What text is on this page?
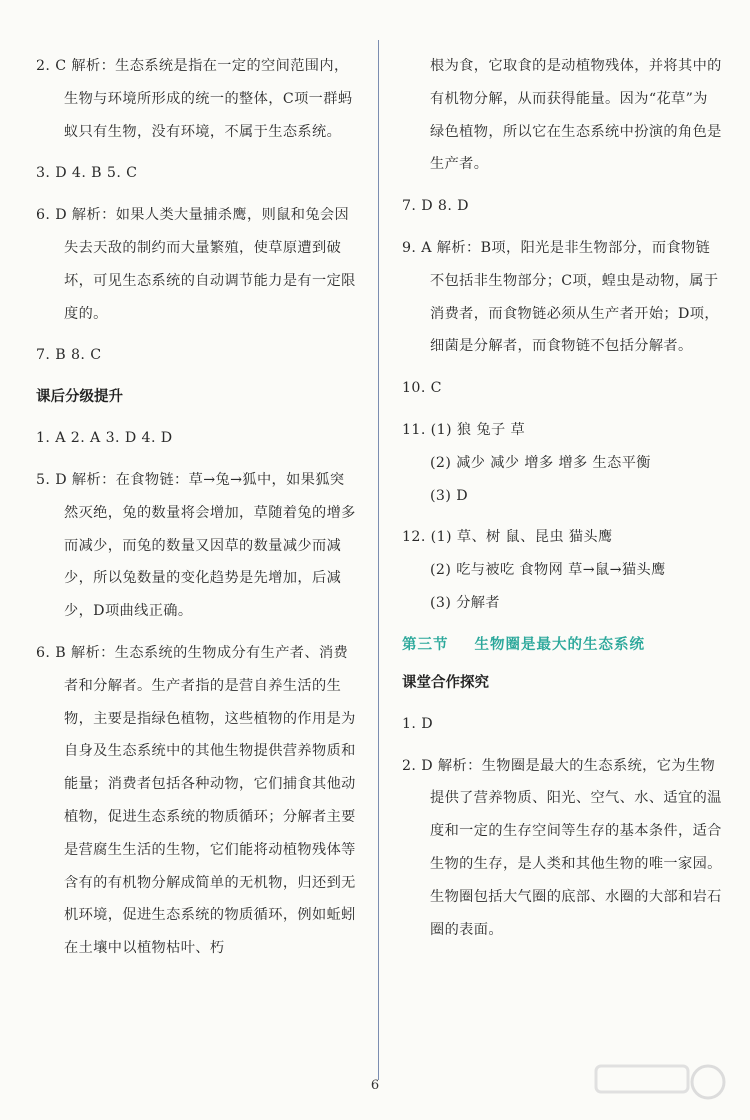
2. C 解析：生态系统是指在一定的空间范围内，生物与环境所形成的统一的整体，C项一群蚂蚁只有生物，没有环境，不属于生态系统。
3. D 4. B 5. C
6. D 解析：如果人类大量捕杀鹰，则鼠和兔会因失去天敌的制约而大量繁殖，使草原遭到破坏，可见生态系统的自动调节能力是有一定限度的。
7. B 8. C
课后分级提升
1. A 2. A 3. D 4. D
5. D 解析：在食物链：草→兔→狐中，如果狐突然灭绝，兔的数量将会增加，草随着兔的增多而减少，而兔的数量又因草的数量减少而减少，所以兔数量的变化趋势是先增加，后减少，D项曲线正确。
6. B 解析：生态系统的生物成分有生产者、消费者和分解者。生产者指的是营自养生活的生物，主要是指绿色植物，这些植物的作用是为自身及生态系统中的其他生物提供营养物质和能量；消费者包括各种动物，它们捕食其他动植物，促进生态系统的物质循环；分解者主要是营腐生生活的生物，它们能将动植物残体等含有的有机物分解成简单的无机物，归还到无机环境，促进生态系统的物质循环，例如蚯蚓在土壤中以植物枯叶、朽
根为食，它取食的是动植物残体，并将其中的有机物分解，从而获得能量。因为“花草”为绿色植物，所以它在生态系统中扮演的角色是生产者。
7. D 8. D
9. A 解析：B项，阳光是非生物部分，而食物链不包括非生物部分；C项，蝗虫是动物，属于消费者，而食物链必须从生产者开始；D项，细菌是分解者，而食物链不包括分解者。
10. C
11. (1) 狼 兔子 草
(2) 减少 减少 增多 增多 生态平衡
(3) D
12. (1) 草、树 鼠、昆虫 猫头鹰
(2) 吃与被吃 食物网 草→鼠→猫头鹰
(3) 分解者
第三节 生物圈是最大的生态系统
课堂合作探究
1. D
2. D 解析：生物圈是最大的生态系统，它为生物提供了营养物质、阳光、空气、水、适宜的温度和一定的生存空间等生存的基本条件，适合生物的生存，是人类和其他生物的唯一家园。生物圈包括大气圈的底部、水圈的大部和岩石圈的表面。
6
